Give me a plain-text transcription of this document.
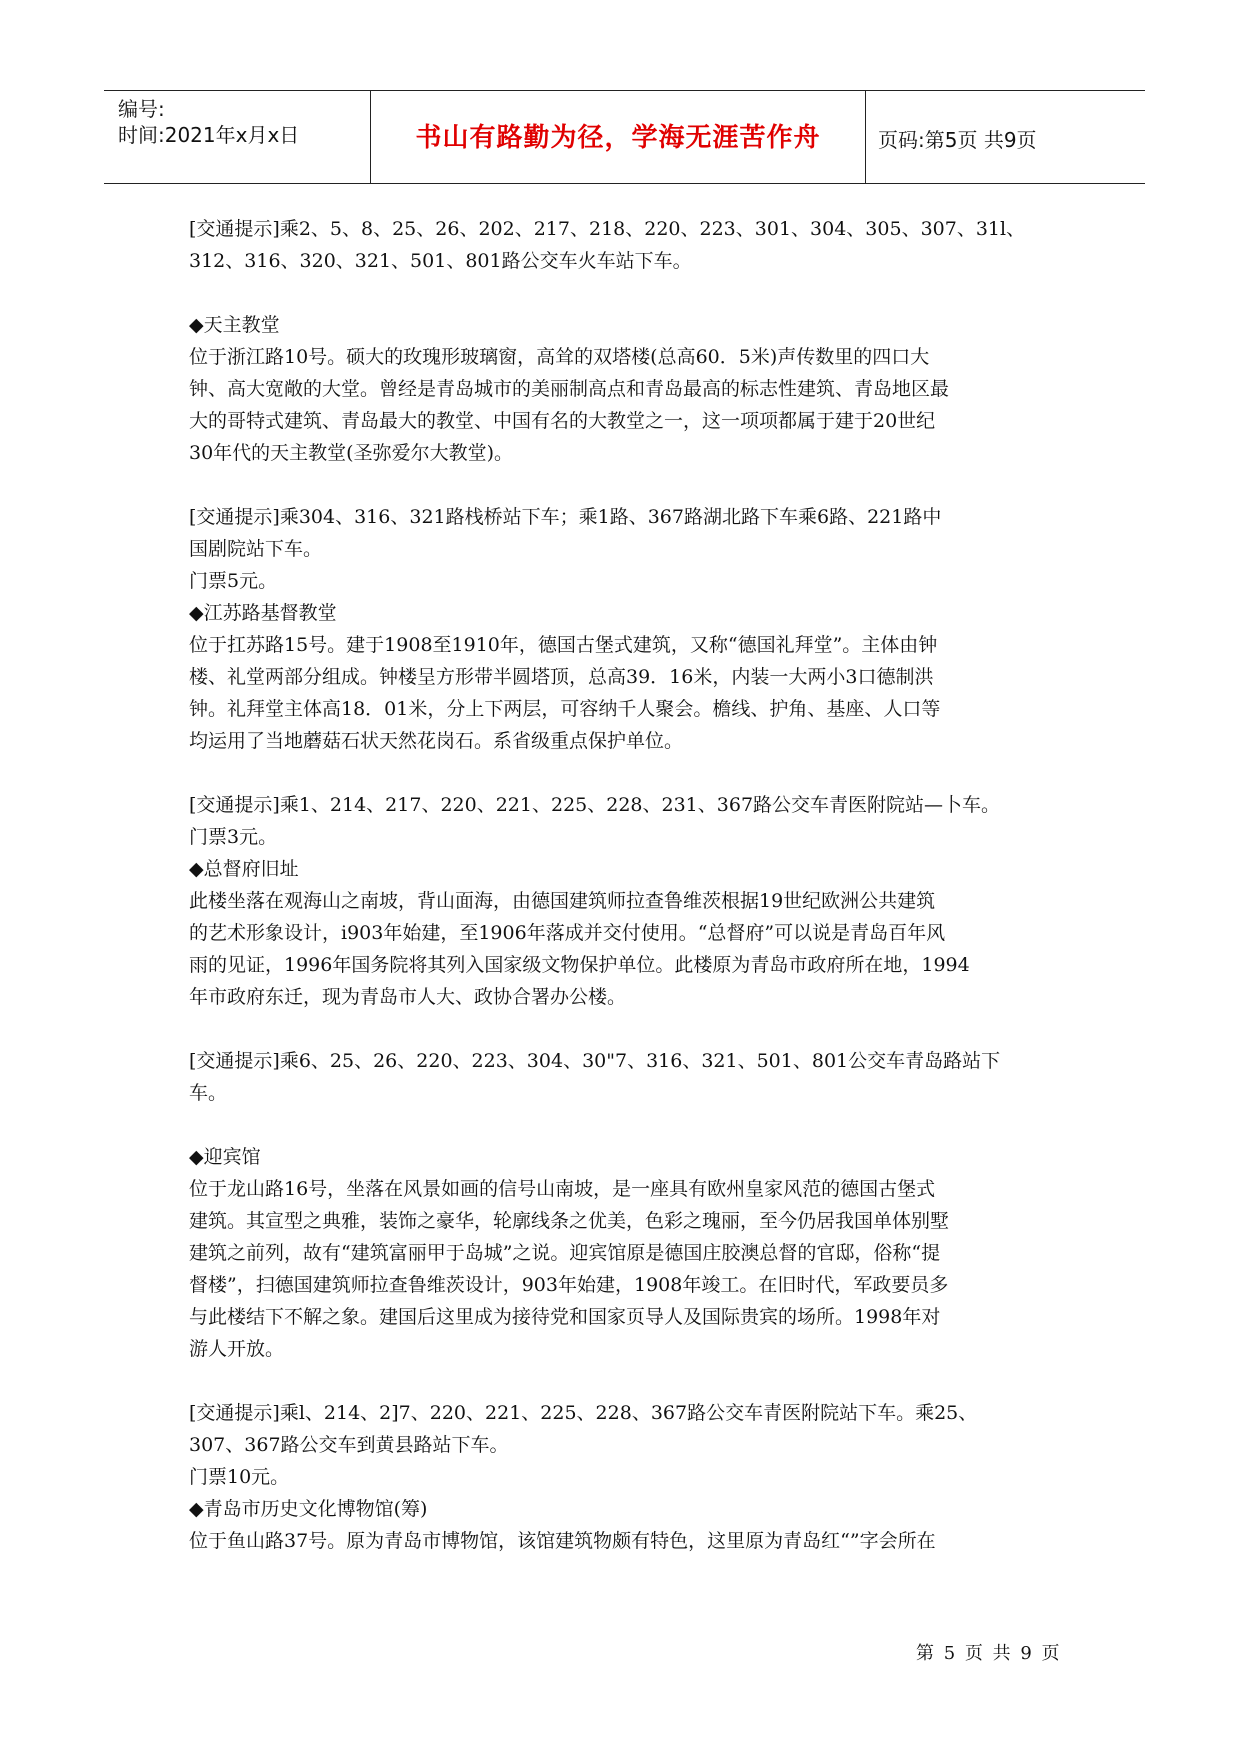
编号:
时间:2021年x月x日	书山有路勤为径，学海无涯苦作舟	页码:第5页 共9页

[交通提示]乘2、5、8、25、26、202、217、218、220、223、301、304、305、307、31l、

312、316、320、321、501、801路公交车火车站下车。

◆天主教堂

位于浙江路10号。硕大的玫瑰形玻璃窗，高耸的双塔楼(总高60．5米)声传数里的四口大

钟、高大宽敞的大堂。曾经是青岛城市的美丽制高点和青岛最高的标志性建筑、青岛地区最

大的哥特式建筑、青岛最大的教堂、中国有名的大教堂之一，这一项项都属于建于20世纪

30年代的天主教堂(圣弥爱尔大教堂)。

[交通提示]乘304、316、321路栈桥站下车；乘1路、367路湖北路下车乘6路、221路中

国剧院站下车。

门票5元。

◆江苏路基督教堂

位于扛苏路15号。建于1908至1910年，德国古堡式建筑，又称“德国礼拜堂”。主体由钟

楼、礼堂两部分组成。钟楼呈方形带半圆塔顶，总高39．16米，内装一大两小3口德制洪

钟。礼拜堂主体高18．01米，分上下两层，可容纳千人聚会。檐线、护角、基座、人口等

均运用了当地蘑菇石状天然花岗石。系省级重点保护单位。

[交通提示]乘1、214、217、220、221、225、228、231、367路公交车青医附院站—卜车。

门票3元。

◆总督府旧址

此楼坐落在观海山之南坡，背山面海，由德国建筑师拉查鲁维茨根据19世纪欧洲公共建筑

的艺术形象设计，i903年始建，至1906年落成并交付使用。“总督府”可以说是青岛百年风

雨的见证，1996年国务院将其列入国家级文物保护单位。此楼原为青岛市政府所在地，1994

年市政府东迁，现为青岛市人大、政协合署办公楼。

[交通提示]乘6、25、26、220、223、304、30"7、316、321、501、801公交车青岛路站下

车。

◆迎宾馆

位于龙山路16号，坐落在风景如画的信号山南坡，是一座具有欧州皇家风范的德国古堡式

建筑。其宣型之典雅，装饰之豪华，轮廓线条之优美，色彩之瑰丽，至今仍居我国单体别墅

建筑之前列，故有“建筑富丽甲于岛城”之说。迎宾馆原是德国庄胶澳总督的官邸，俗称“提

督楼”，扫德国建筑师拉查鲁维茨设计，903年始建，1908年竣工。在旧时代，军政要员多

与此楼结下不解之象。建国后这里成为接待党和国家页导人及国际贵宾的场所。1998年对

游人开放。

[交通提示]乘l、214、2]7、220、221、225、228、367路公交车青医附院站下车。乘25、

307、367路公交车到黄县路站下车。

门票10元。

◆青岛市历史文化博物馆(筹)

位于鱼山路37号。原为青岛市博物馆，该馆建筑物颇有特色，这里原为青岛红“”字会所在

第 5 页 共 9 页
